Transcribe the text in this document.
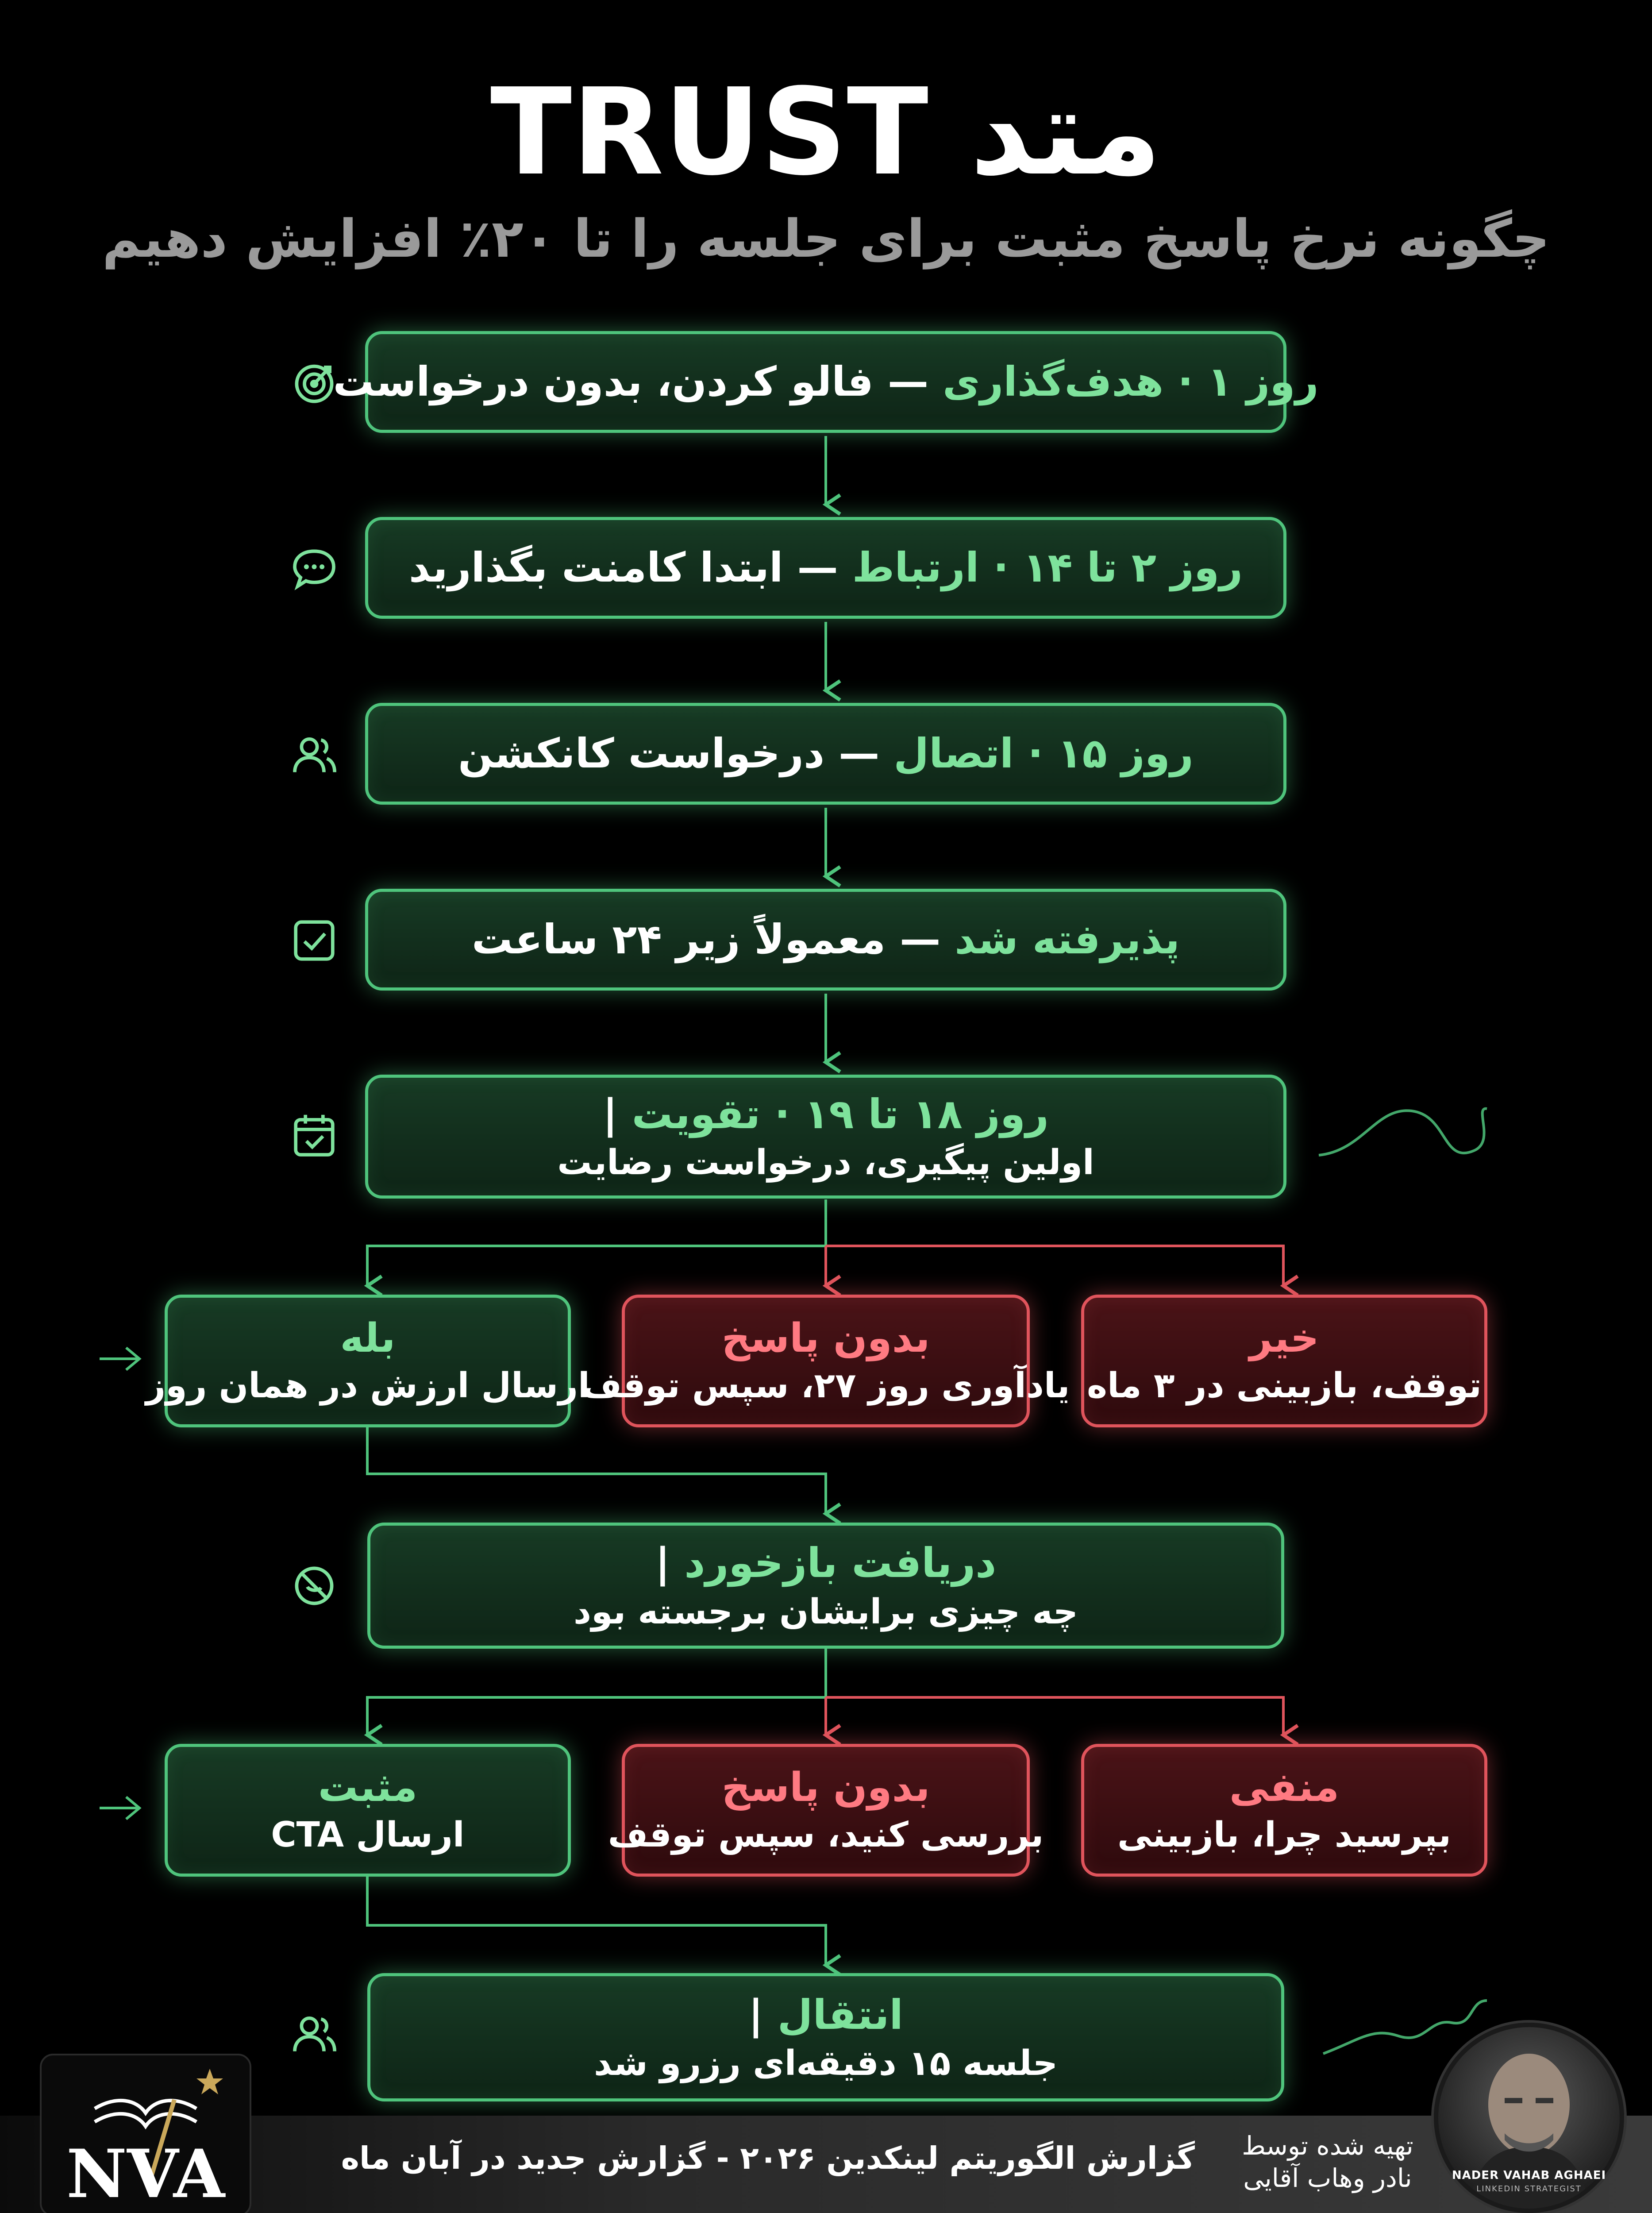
متد TRUST
چگونه نرخ پاسخ مثبت برای جلسه را تا ۲۰٪ افزایش دهیم
روز ۱ · هدف‌گذاری — فالو کردن، بدون درخواست
روز ۲ تا ۱۴ · ارتباط — ابتدا کامنت بگذارید
روز ۱۵ · اتصال — درخواست کانکشن
پذیرفته شد — معمولاً زیر ۲۴ ساعت
روز ۱۸ تا ۱۹ · تقویت |
اولین پیگیری، درخواست رضایت
بله
ارسال ارزش در همان روز
بدون پاسخ
یادآوری روز ۲۷، سپس توقف
خیر
توقف، بازبینی در ۳ ماه
دریافت بازخورد |
چه چیزی برایشان برجسته بود
مثبت
ارسال CTA
بدون پاسخ
بررسی کنید، سپس توقف
منفی
بپرسید چرا، بازبینی
انتقال |
جلسه ۱۵ دقیقه‌ای رزرو شد
گزارش الگوریتم لینکدین ۲۰۲۶ - گزارش جدید در آبان ماه	تهیه شده توسط
نادر وهاب آقایی
NVA	NADER VAHAB AGHAEI
LINKEDIN STRATEGIST
